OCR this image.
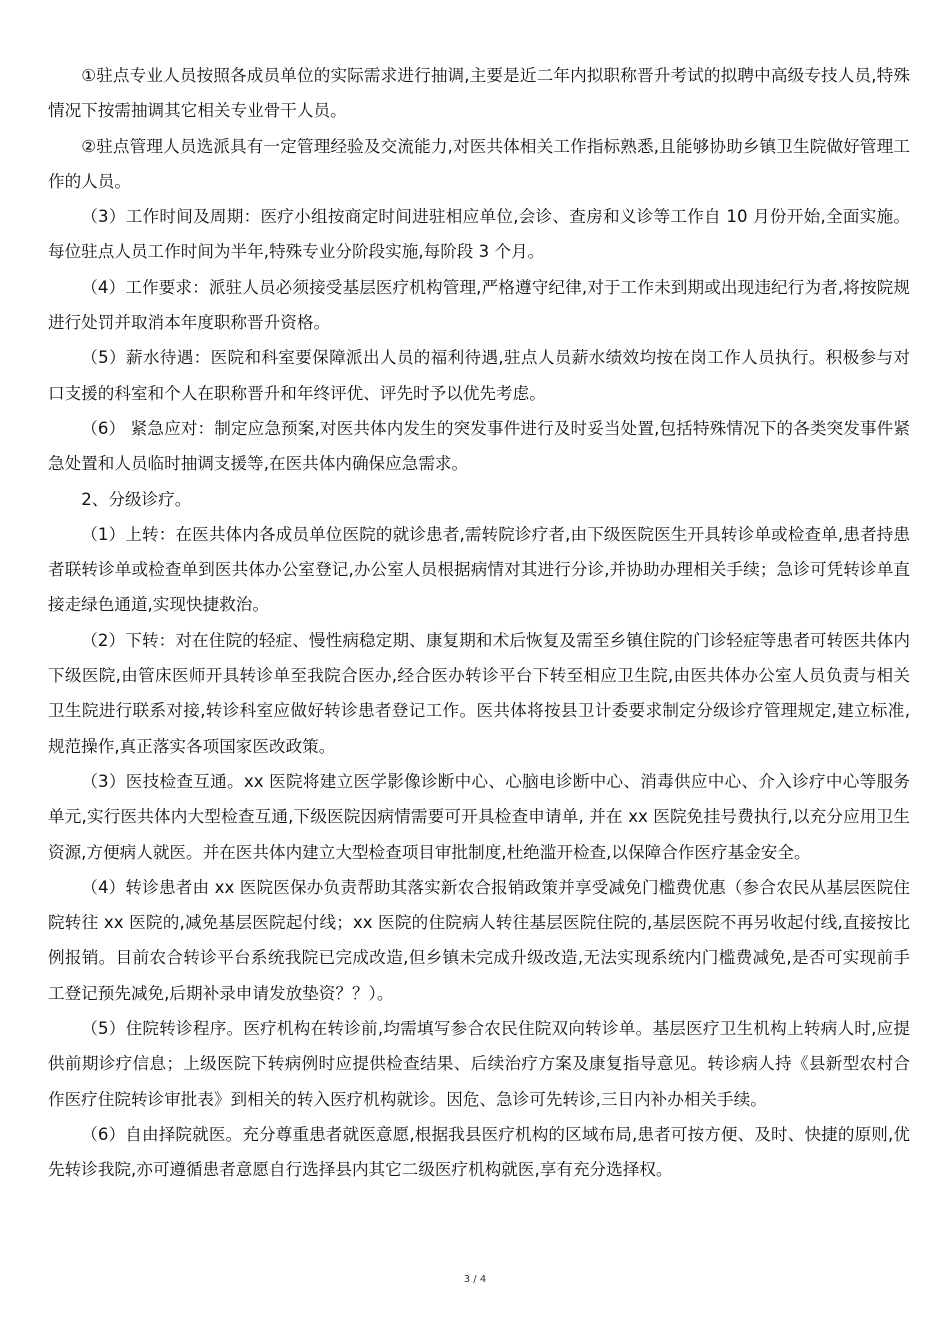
①驻点专业人员按照各成员单位的实际需求进行抽调,主要是近二年内拟职称晋升考试的拟聘中高级专技人员,特殊情况下按需抽调其它相关专业骨干人员。

②驻点管理人员选派具有一定管理经验及交流能力,对医共体相关工作指标熟悉,且能够协助乡镇卫生院做好管理工作的人员。

（3）工作时间及周期：医疗小组按商定时间进驻相应单位,会诊、查房和义诊等工作自 10 月份开始,全面实施。每位驻点人员工作时间为半年,特殊专业分阶段实施,每阶段 3 个月。

（4）工作要求：派驻人员必须接受基层医疗机构管理,严格遵守纪律,对于工作未到期或出现违纪行为者,将按院规进行处罚并取消本年度职称晋升资格。

（5）薪水待遇：医院和科室要保障派出人员的福利待遇,驻点人员薪水绩效均按在岗工作人员执行。积极参与对口支援的科室和个人在职称晋升和年终评优、评先时予以优先考虑。

（6） 紧急应对：制定应急预案,对医共体内发生的突发事件进行及时妥当处置,包括特殊情况下的各类突发事件紧急处置和人员临时抽调支援等,在医共体内确保应急需求。

2、分级诊疗。

（1）上转：在医共体内各成员单位医院的就诊患者,需转院诊疗者,由下级医院医生开具转诊单或检查单,患者持患者联转诊单或检查单到医共体办公室登记,办公室人员根据病情对其进行分诊,并协助办理相关手续；急诊可凭转诊单直接走绿色通道,实现快捷救治。

（2）下转：对在住院的轻症、慢性病稳定期、康复期和术后恢复及需至乡镇住院的门诊轻症等患者可转医共体内下级医院,由管床医师开具转诊单至我院合医办,经合医办转诊平台下转至相应卫生院,由医共体办公室人员负责与相关卫生院进行联系对接,转诊科室应做好转诊患者登记工作。医共体将按县卫计委要求制定分级诊疗管理规定,建立标准,规范操作,真正落实各项国家医改政策。

（3）医技检查互通。xx 医院将建立医学影像诊断中心、心脑电诊断中心、消毒供应中心、介入诊疗中心等服务单元,实行医共体内大型检查互通,下级医院因病情需要可开具检查申请单, 并在 xx 医院免挂号费执行,以充分应用卫生资源,方便病人就医。并在医共体内建立大型检查项目审批制度,杜绝滥开检查,以保障合作医疗基金安全。

（4）转诊患者由 xx 医院医保办负责帮助其落实新农合报销政策并享受减免门槛费优惠（参合农民从基层医院住院转往 xx 医院的,减免基层医院起付线；xx 医院的住院病人转往基层医院住院的,基层医院不再另收起付线,直接按比例报销。目前农合转诊平台系统我院已完成改造,但乡镇未完成升级改造,无法实现系统内门槛费减免,是否可实现前手工登记预先减免,后期补录申请发放垫资？？）。

（5）住院转诊程序。医疗机构在转诊前,均需填写参合农民住院双向转诊单。基层医疗卫生机构上转病人时,应提供前期诊疗信息；上级医院下转病例时应提供检查结果、后续治疗方案及康复指导意见。转诊病人持《县新型农村合作医疗住院转诊审批表》到相关的转入医疗机构就诊。因危、急诊可先转诊,三日内补办相关手续。

（6）自由择院就医。充分尊重患者就医意愿,根据我县医疗机构的区域布局,患者可按方便、及时、快捷的原则,优先转诊我院,亦可遵循患者意愿自行选择县内其它二级医疗机构就医,享有充分选择权。

3 / 4
